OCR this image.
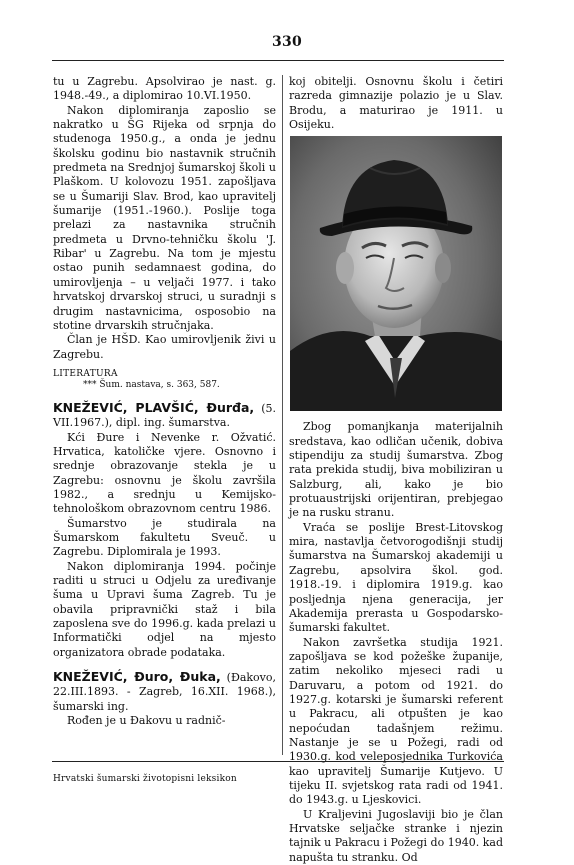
330

tu u Zagrebu. Apsolvirao je nast. g. 1948.-49., a diplomirao 10.VI.1950.

Nakon diplomiranja zaposlio se nakratko u ŠG Rijeka od srpnja do studenoga 1950.g., a onda je jednu školsku godinu bio nastavnik stručnih predmeta na Srednjoj šumarskoj školi u Plaškom. U kolovozu 1951. zapošljava se u Šumariji Slav. Brod, kao upravitelj šumarije (1951.-1960.). Poslije toga prelazi za nastavnika stručnih predmeta u Drvno-tehničku školu 'J. Ribar' u Zagrebu. Na tom je mjestu ostao punih sedamnaest godina, do umirovljenja – u veljači 1977. i tako hrvatskoj drvarskoj struci, u suradnji s drugim nastavnicima, osposobio na stotine drvarskih stručnjaka.

Član je HŠD. Kao umirovljenik živi u Zagrebu.

LITERATURA

*** Šum. nastava, s. 363, 587.

KNEŽEVIĆ, PLAVŠIĆ, Đurđa, (5. VII.1967.), dipl. ing. šumarstva.

Kći Đure i Nevenke r. Ožvatić. Hrvatica, katoličke vjere. Osnovno i srednje obrazovanje stekla je u Zagrebu: osnovnu je školu završila 1982., a srednju u Kemijsko-tehnološkom obrazovnom centru 1986.

Šumarstvo je studirala na Šumarskom fakultetu Sveuč. u Zagrebu. Diplomirala je 1993.

Nakon diplomiranja 1994. počinje raditi u struci u Odjelu za uređivanje šuma u Upravi šuma Zagreb. Tu je obavila pripravnički staž i bila zaposlena sve do 1996.g. kada prelazi u Informatički odjel na mjesto organizatora obrade podataka.

KNEŽEVIĆ, Đuro, Đuka, (Đakovo, 22.III.1893. - Zagreb, 16.XII. 1968.), šumarski ing.

Rođen je u Đakovu u radnič-

koj obitelji. Osnovnu školu i četiri razreda gimnazije polazio je u Slav. Brodu, a maturirao je 1911. u Osijeku.

Zbog pomanjkanja materijalnih sredstava, kao odličan učenik, dobiva stipendiju za studij šumarstva. Zbog rata prekida studij, biva mobiliziran u Salzburg, ali, kako je bio protuaustrijski orijentiran, prebjegao je na rusku stranu.

Vraća se poslije Brest-Litovskog mira, nastavlja četvorogodišnji studij šumarstva na Šumarskoj akademiji u Zagrebu, apsolvira škol. god. 1918.-19. i diplomira 1919.g. kao posljednja njena generacija, jer Akademija prerasta u Gospodarsko-šumarski fakultet.

Nakon završetka studija 1921. zapošljava se kod požeške županije, zatim nekoliko mjeseci radi u Daruvaru, a potom od 1921. do 1927.g. kotarski je šumarski referent u Pakracu, ali otpušten je kao nepoćudan tadašnjem režimu. Nastanje je se u Požegi, radi od 1930.g. kod veleposjednika Turkovića kao upravitelj Šumarije Kutjevo. U tijeku II. svjetskog rata radi od 1941. do 1943.g. u Ljeskovici.

U Kraljevini Jugoslaviji bio je član Hrvatske seljačke stranke i njezin tajnik u Pakracu i Požegi do 1940. kad napušta tu stranku. Od

Hrvatski šumarski životopisni leksikon
